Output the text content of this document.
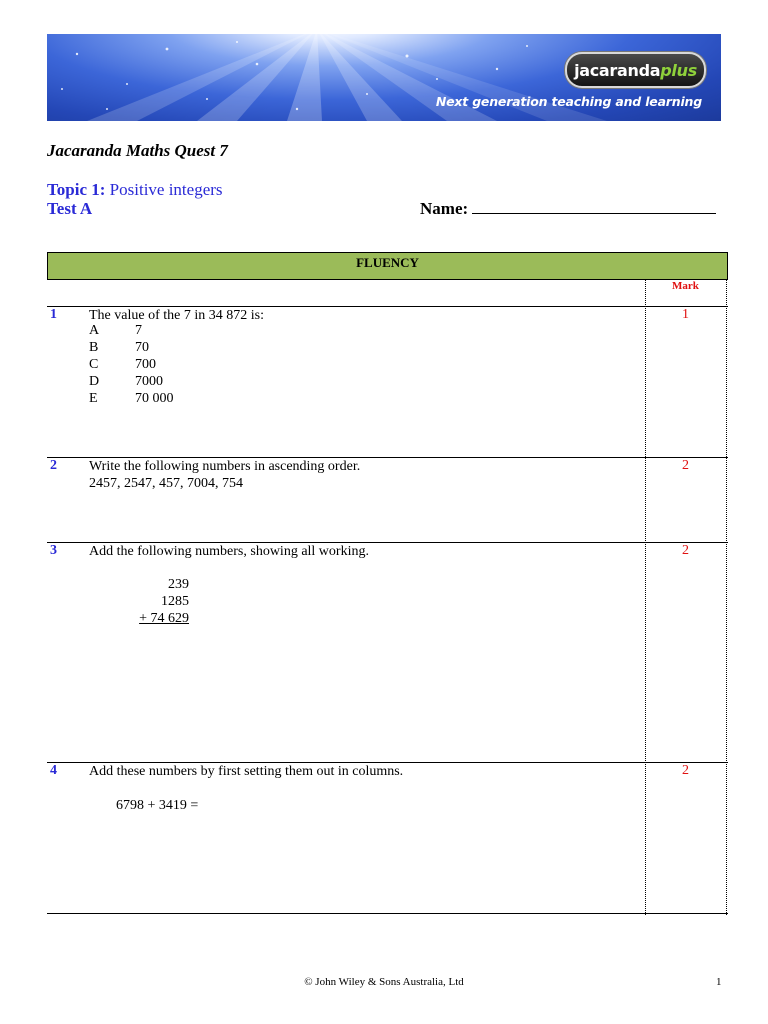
jacaranda plus
Next generation teaching and learning
Jacaranda Maths Quest 7
Topic 1: Positive integers
Test A	Name:
FLUENCY
Mark
1 The value of the 7 in 34 872 is:	1
A	7
B	70
C	700
D	7000
E	70 000
2 Write the following numbers in ascending order.
2457, 2547, 457, 7004, 754
2
3 Add the following numbers, showing all working.	2
239
1285
+ 74 629
4 Add these numbers by first setting them out in columns.
6798 + 3419 =
2
© John Wiley & Sons Australia, Ltd	1
